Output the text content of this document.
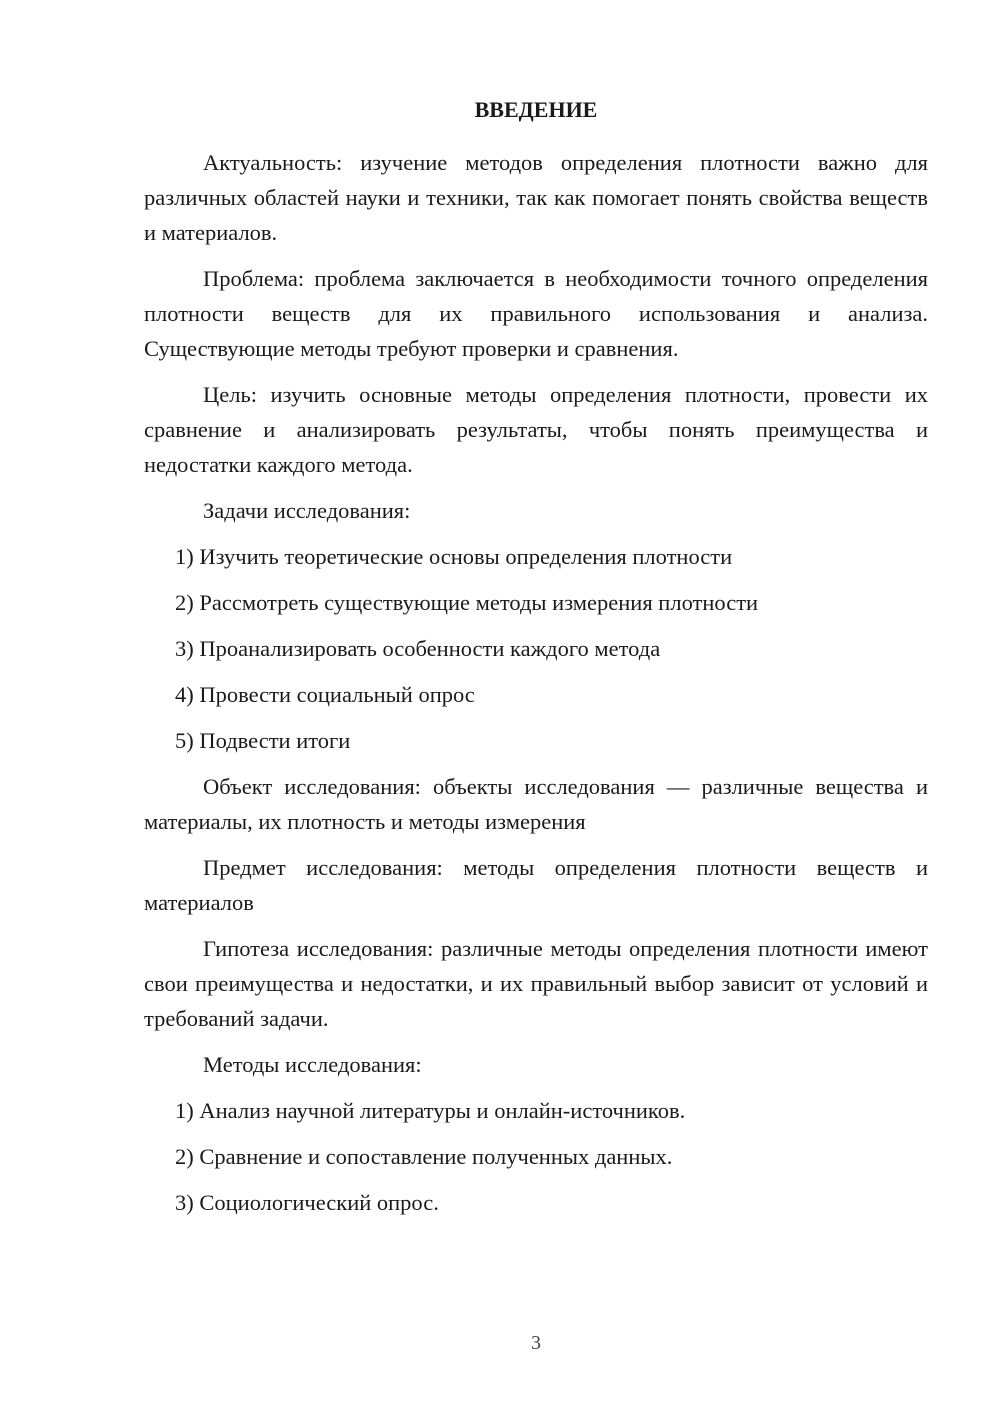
ВВЕДЕНИЕ

Актуальность: изучение методов определения плотности важно для различных областей науки и техники, так как помогает понять свойства веществ и материалов.

Проблема: проблема заключается в необходимости точного определения плотности веществ для их правильного использования и анализа. Существующие методы требуют проверки и сравнения.

Цель: изучить основные методы определения плотности, провести их сравнение и анализировать результаты, чтобы понять преимущества и недостатки каждого метода.

Задачи исследования:

1) Изучить теоретические основы определения плотности
2) Рассмотреть существующие методы измерения плотности
3) Проанализировать особенности каждого метода
4) Провести социальный опрос
5) Подвести итоги

Объект исследования: объекты исследования — различные вещества и материалы, их плотность и методы измерения

Предмет исследования: методы определения плотности веществ и материалов

Гипотеза исследования: различные методы определения плотности имеют свои преимущества и недостатки, и их правильный выбор зависит от условий и требований задачи.

Методы исследования:

1) Анализ научной литературы и онлайн-источников.
2) Сравнение и сопоставление полученных данных.
3) Социологический опрос.
3
